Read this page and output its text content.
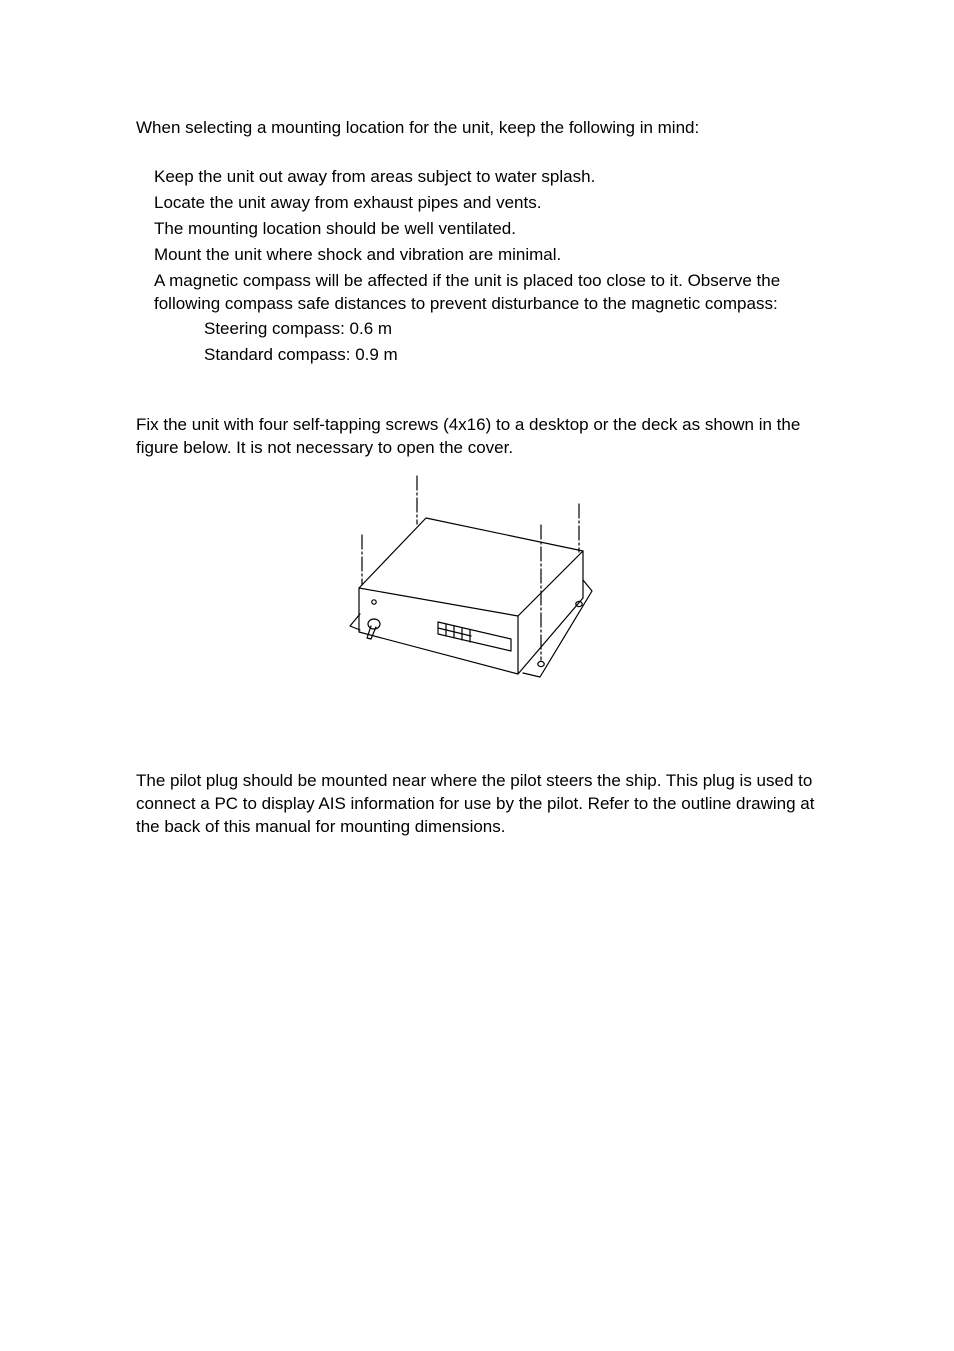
When selecting a mounting location for the unit, keep the following in mind:

Keep the unit out away from areas subject to water splash.
Locate the unit away from exhaust pipes and vents.
The mounting location should be well ventilated.
Mount the unit where shock and vibration are minimal.
A magnetic compass will be affected if the unit is placed too close to it. Observe the following compass safe distances to prevent disturbance to the magnetic compass:
Steering compass: 0.6 m
Standard compass: 0.9 m

Fix the unit with four self-tapping screws (4x16) to a desktop or the deck as shown in the figure below. It is not necessary to open the cover.

The pilot plug should be mounted near where the pilot steers the ship. This plug is used to connect a PC to display AIS information for use by the pilot. Refer to the outline drawing at the back of this manual for mounting dimensions.
